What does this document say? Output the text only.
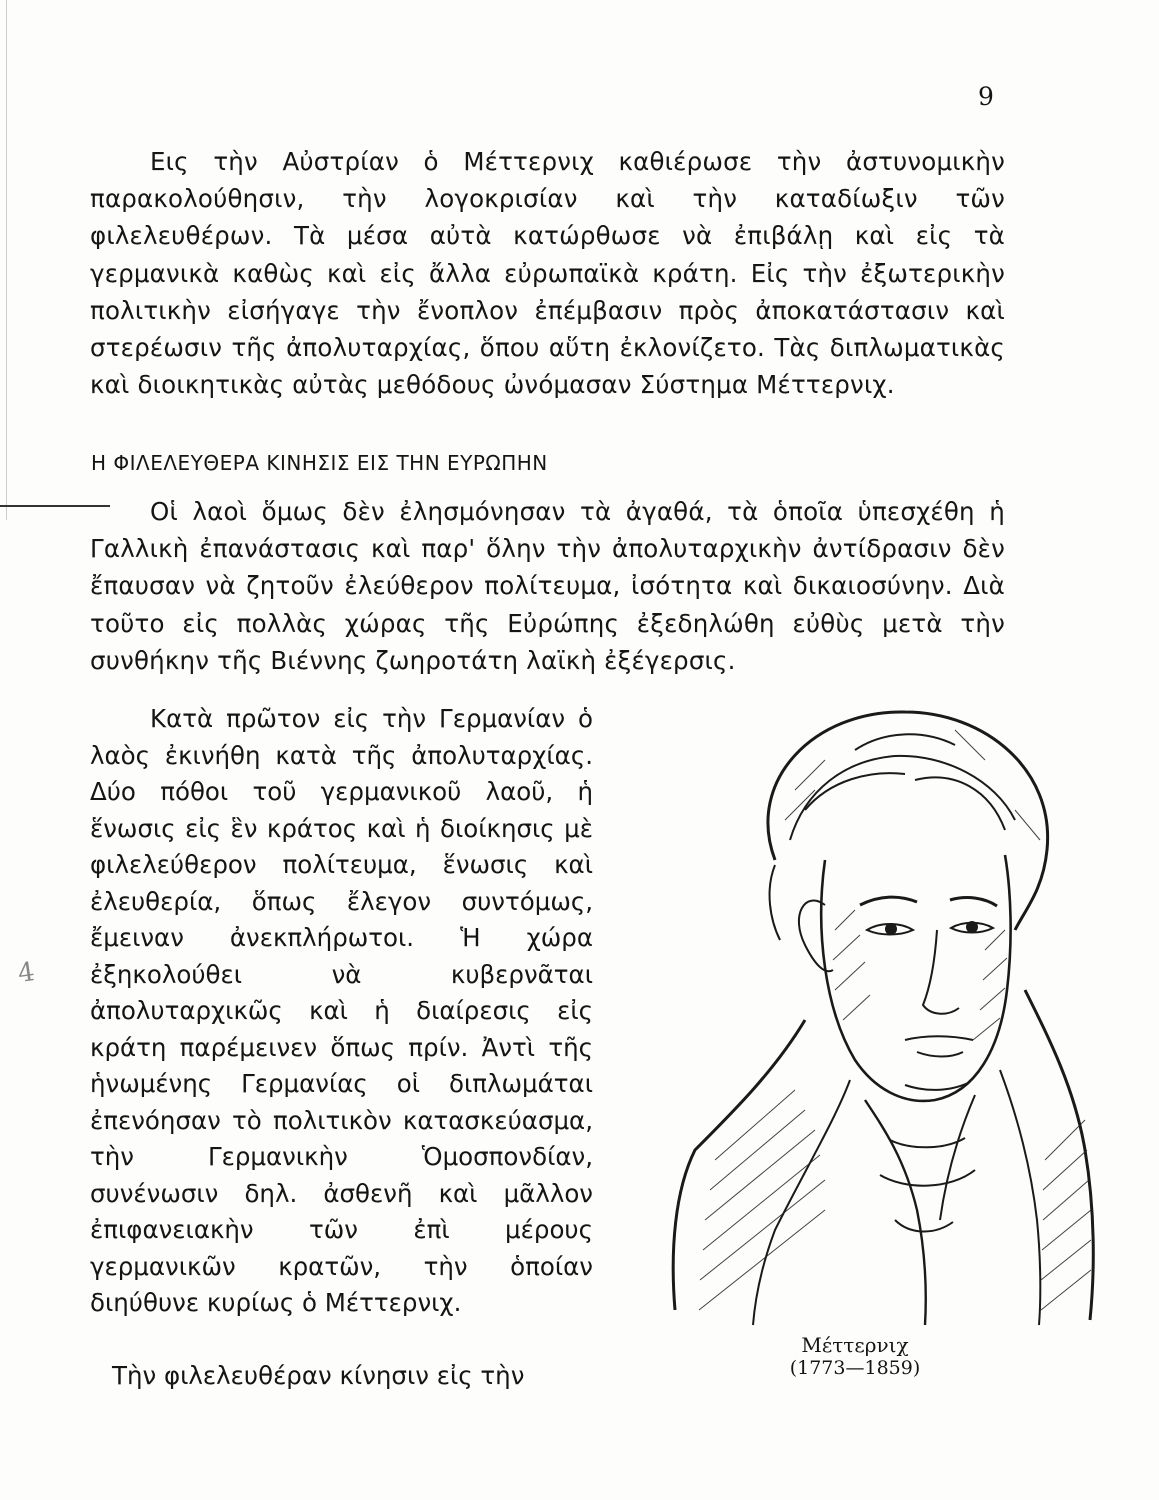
9

Εις τὴν Αὐστρίαν ὁ Μέττερνιχ καθιέρωσε τὴν ἀστυνομικὴν παρακολούθησιν, τὴν λογοκρισίαν καὶ τὴν καταδίωξιν τῶν φιλελευθέρων. Τὰ μέσα αὐτὰ κατώρθωσε νὰ ἐπιβάλῃ καὶ εἰς τὰ γερμανικὰ καθὼς καὶ εἰς ἄλλα εὐρωπαϊκὰ κράτη. Εἰς τὴν ἐξωτερικὴν πολιτικὴν εἰσήγαγε τὴν ἔνοπλον ἐπέμβασιν πρὸς ἀποκατάστασιν καὶ στερέωσιν τῆς ἀπολυταρχίας, ὅπου αὕτη ἐκλονίζετο. Τὰς διπλωματικὰς καὶ διοικητικὰς αὐτὰς μεθόδους ὠνόμασαν Σύστημα Μέττερνιχ.

Η ΦΙΛΕΛΕΥΘΕΡΑ ΚΙΝΗΣΙΣ ΕΙΣ ΤΗΝ ΕΥΡΩΠΗΝ

Οἱ λαοὶ ὅμως δὲν ἐλησμόνησαν τὰ ἀγαθά, τὰ ὁποῖα ὑπεσχέθη ἡ Γαλλικὴ ἐπανάστασις καὶ παρ' ὅλην τὴν ἀπολυταρχικὴν ἀντίδρασιν δὲν ἔπαυσαν νὰ ζητοῦν ἐλεύθερον πολίτευμα, ἰσότητα καὶ δικαιοσύνην. Διὰ τοῦτο εἰς πολλὰς χώρας τῆς Εὐρώπης ἐξεδηλώθη εὐθὺς μετὰ τὴν συνθήκην τῆς Βιέννης ζωηροτάτη λαϊκὴ ἐξέγερσις.

Κατὰ πρῶτον εἰς τὴν Γερμανίαν ὁ λαὸς ἐκινήθη κατὰ τῆς ἀπολυταρχίας. Δύο πόθοι τοῦ γερμανικοῦ λαοῦ, ἡ ἕνωσις εἰς ἓν κράτος καὶ ἡ διοίκησις μὲ φιλελεύθερον πολίτευμα, ἕνωσις καὶ ἐλευθερία, ὅπως ἔλεγον συντόμως, ἔμειναν ἀνεκπλήρωτοι. Ἡ χώρα ἐξηκολούθει νὰ κυβερνᾶται ἀπολυταρχικῶς καὶ ἡ διαίρεσις εἰς κράτη παρέμεινεν ὅπως πρίν. Ἀντὶ τῆς ἡνωμένης Γερμανίας οἱ διπλωμάται ἐπενόησαν τὸ πολιτικὸν κατασκεύασμα, τὴν Γερμανικὴν Ὁμοσπονδίαν, συνένωσιν δηλ. ἀσθενῆ καὶ μᾶλλον ἐπιφανειακὴν τῶν ἐπὶ μέρους γερμανικῶν κρατῶν, τὴν ὁποίαν διηύθυνε κυρίως ὁ Μέττερνιχ.

Τὴν φιλελευθέραν κίνησιν εἰς τὴν
4
Μέττερνιχ
(1773—1859)
